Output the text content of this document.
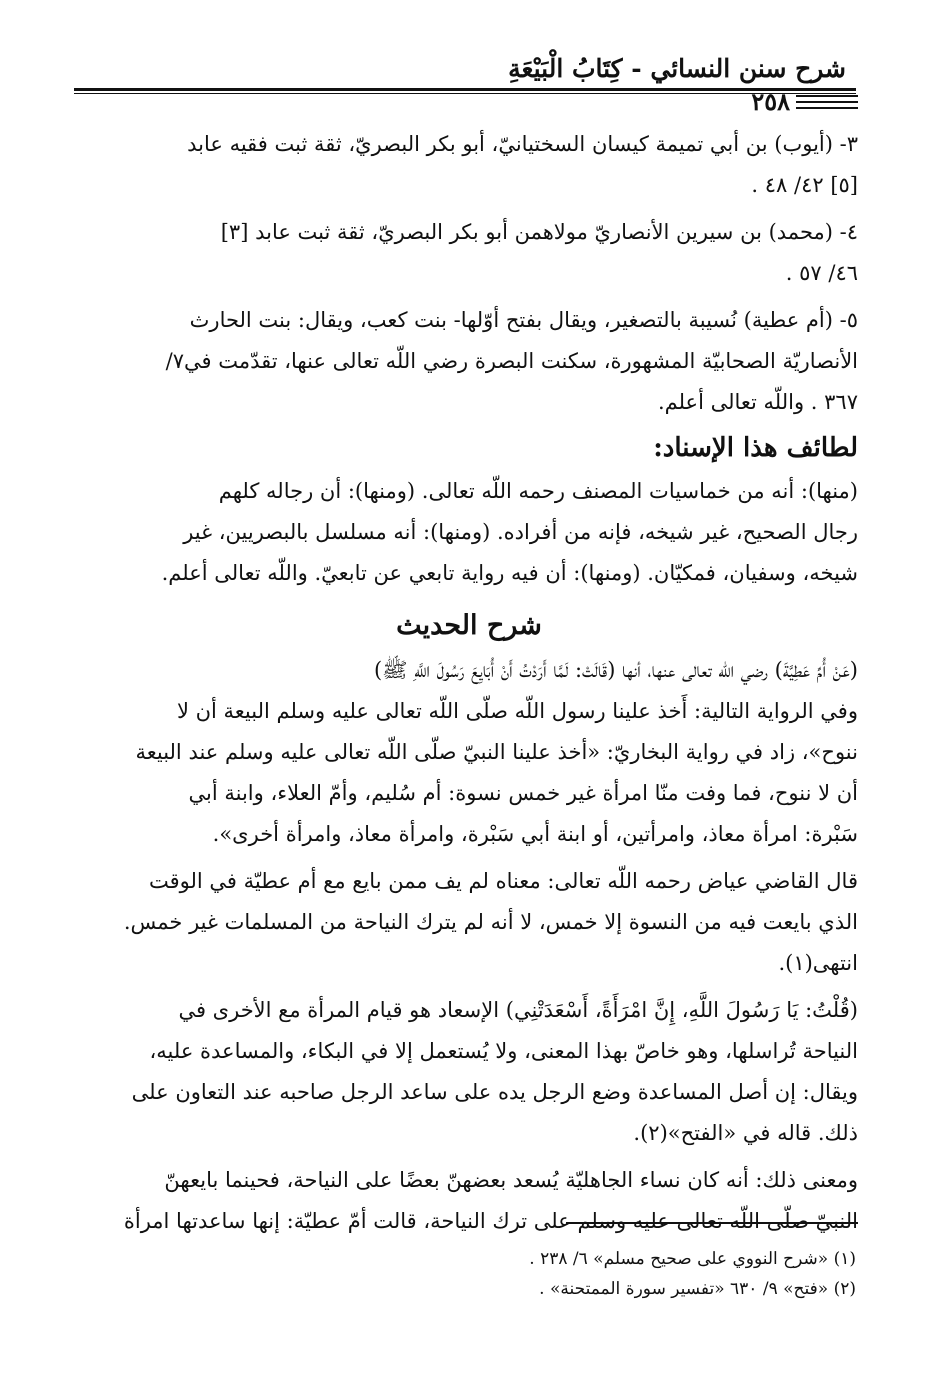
شرح سنن النسائي - كِتَابُ الْبَيْعَةِ
٢٥٨

٣- (أيوب) بن أبي تميمة كيسان السختيانيّ، أبو بكر البصريّ، ثقة ثبت فقيه عابد

[٥] ٤٢/ ٤٨ .

٤- (محمد) بن سيرين الأنصاريّ مولاهمن أبو بكر البصريّ، ثقة ثبت عابد [٣]

٤٦/ ٥٧ .

٥- (أم عطية) نُسيبة بالتصغير، ويقال بفتح أوّلها- بنت كعب، ويقال: بنت الحارث

الأنصاريّة الصحابيّة المشهورة، سكنت البصرة رضي اللّه تعالى عنها، تقدّمت في٧/

٣٦٧ . واللّه تعالى أعلم.

لطائف هذا الإسناد:

(منها): أنه من خماسيات المصنف رحمه اللّه تعالى. (ومنها): أن رجاله كلهم

رجال الصحيح، غير شيخه، فإنه من أفراده. (ومنها): أنه مسلسل بالبصريين، غير

شيخه، وسفيان، فمكيّان. (ومنها): أن فيه رواية تابعي عن تابعيّ. واللّه تعالى أعلم.

شرح الحديث

(عَنْ أُمِّ عَطِيَّةَ) رضي اللّه تعالى عنها، أنها (قَالَتْ: لَمَّا أَرَدْتُ أَنْ أُبَايِعَ رَسُولَ اللَّهِ ﷺ)

وفي الرواية التالية: أَخذ علينا رسول اللّه صلّى اللّه تعالى عليه وسلم البيعة أن لا

ننوح»، زاد في رواية البخاريّ: «أخذ علينا النبيّ صلّى اللّه تعالى عليه وسلم عند البيعة

أن لا ننوح، فما وفت منّا امرأة غير خمس نسوة: أم سُليم، وأمّ العلاء، وابنة أبي

سَبْرة: امرأة معاذ، وامرأتين، أو ابنة أبي سَبْرة، وامرأة معاذ، وامرأة أخرى».

قال القاضي عياض رحمه اللّه تعالى: معناه لم يف ممن بايع مع أم عطيّة في الوقت

الذي بايعت فيه من النسوة إلا خمس، لا أنه لم يترك النياحة من المسلمات غير خمس.

انتهى(١).

(قُلْتُ: يَا رَسُولَ اللَّهِ، إِنَّ امْرَأَةً، أَسْعَدَتْنِي) الإسعاد هو قيام المرأة مع الأخرى في

النياحة تُراسلها، وهو خاصّ بهذا المعنى، ولا يُستعمل إلا في البكاء، والمساعدة عليه،

ويقال: إن أصل المساعدة وضع الرجل يده على ساعد الرجل صاحبه عند التعاون على

ذلك. قاله في «الفتح»(٢).

ومعنى ذلك: أنه كان نساء الجاهليّة يُسعد بعضهنّ بعضًا على النياحة، فحينما بايعهنّ

النبيّ صلّى اللّه تعالى عليه وسلم على ترك النياحة، قالت أمّ عطيّة: إنها ساعدتها امرأة

(١) «شرح النووي على صحيح مسلم» ٦/ ٢٣٨ .
(٢) «فتح» ٩/ ٦٣٠ «تفسير سورة الممتحنة» .
